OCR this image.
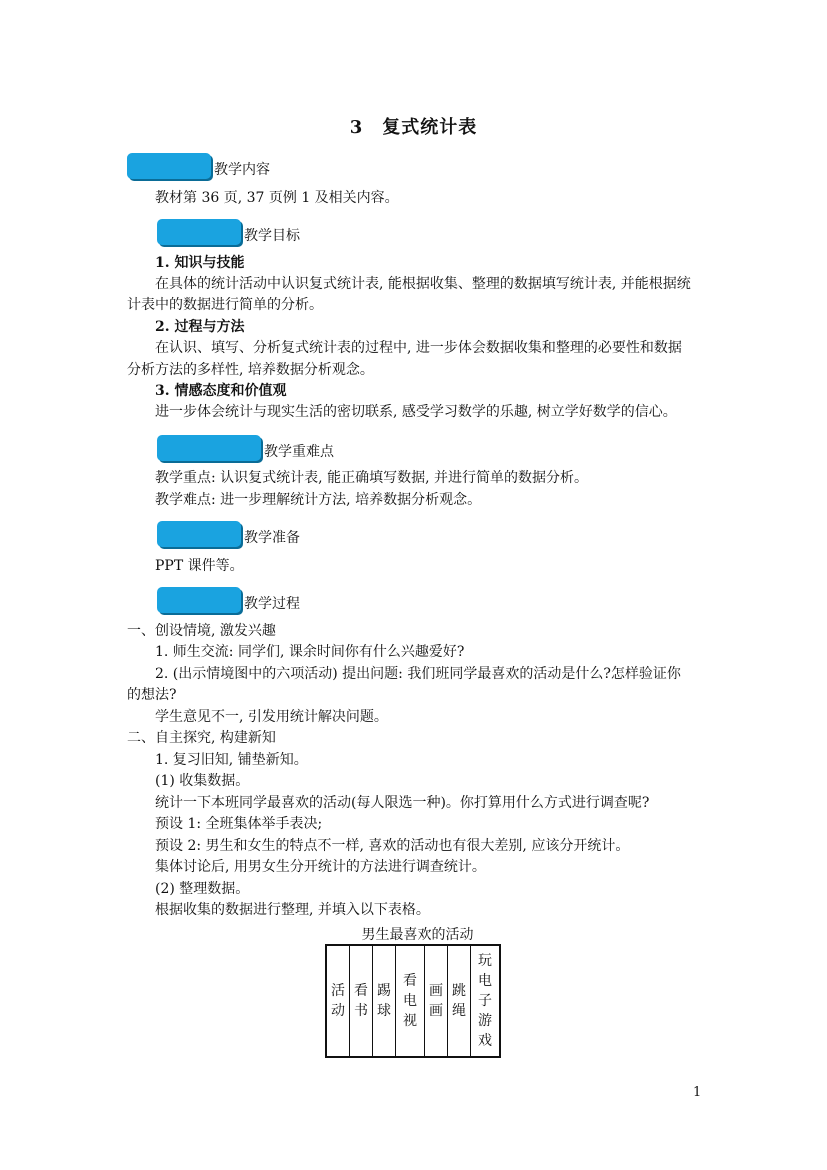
3　复式统计表
教学内容
教材第 36 页, 37 页例 1 及相关内容。
教学目标
1. 知识与技能
在具体的统计活动中认识复式统计表, 能根据收集、整理的数据填写统计表, 并能根据统
计表中的数据进行简单的分析。
2. 过程与方法
在认识、填写、分析复式统计表的过程中, 进一步体会数据收集和整理的必要性和数据
分析方法的多样性, 培养数据分析观念。
3. 情感态度和价值观
进一步体会统计与现实生活的密切联系, 感受学习数学的乐趣, 树立学好数学的信心。
教学重难点
教学重点: 认识复式统计表, 能正确填写数据, 并进行简单的数据分析。
教学难点: 进一步理解统计方法, 培养数据分析观念。
教学准备
PPT 课件等。
教学过程
一、创设情境, 激发兴趣
1. 师生交流: 同学们, 课余时间你有什么兴趣爱好?
2. (出示情境图中的六项活动) 提出问题: 我们班同学最喜欢的活动是什么?怎样验证你
的想法?
学生意见不一, 引发用统计解决问题。
二、自主探究, 构建新知
1. 复习旧知, 铺垫新知。
(1) 收集数据。
统计一下本班同学最喜欢的活动(每人限选一种)。你打算用什么方式进行调查呢?
预设 1: 全班集体举手表决;
预设 2: 男生和女生的特点不一样, 喜欢的活动也有很大差别, 应该分开统计。
集体讨论后, 用男女生分开统计的方法进行调查统计。
(2) 整理数据。
根据收集的数据进行整理, 并填入以下表格。
男生最喜欢的活动
活动	看书	踢球	看电视	画画	跳绳	玩电子游戏
1
